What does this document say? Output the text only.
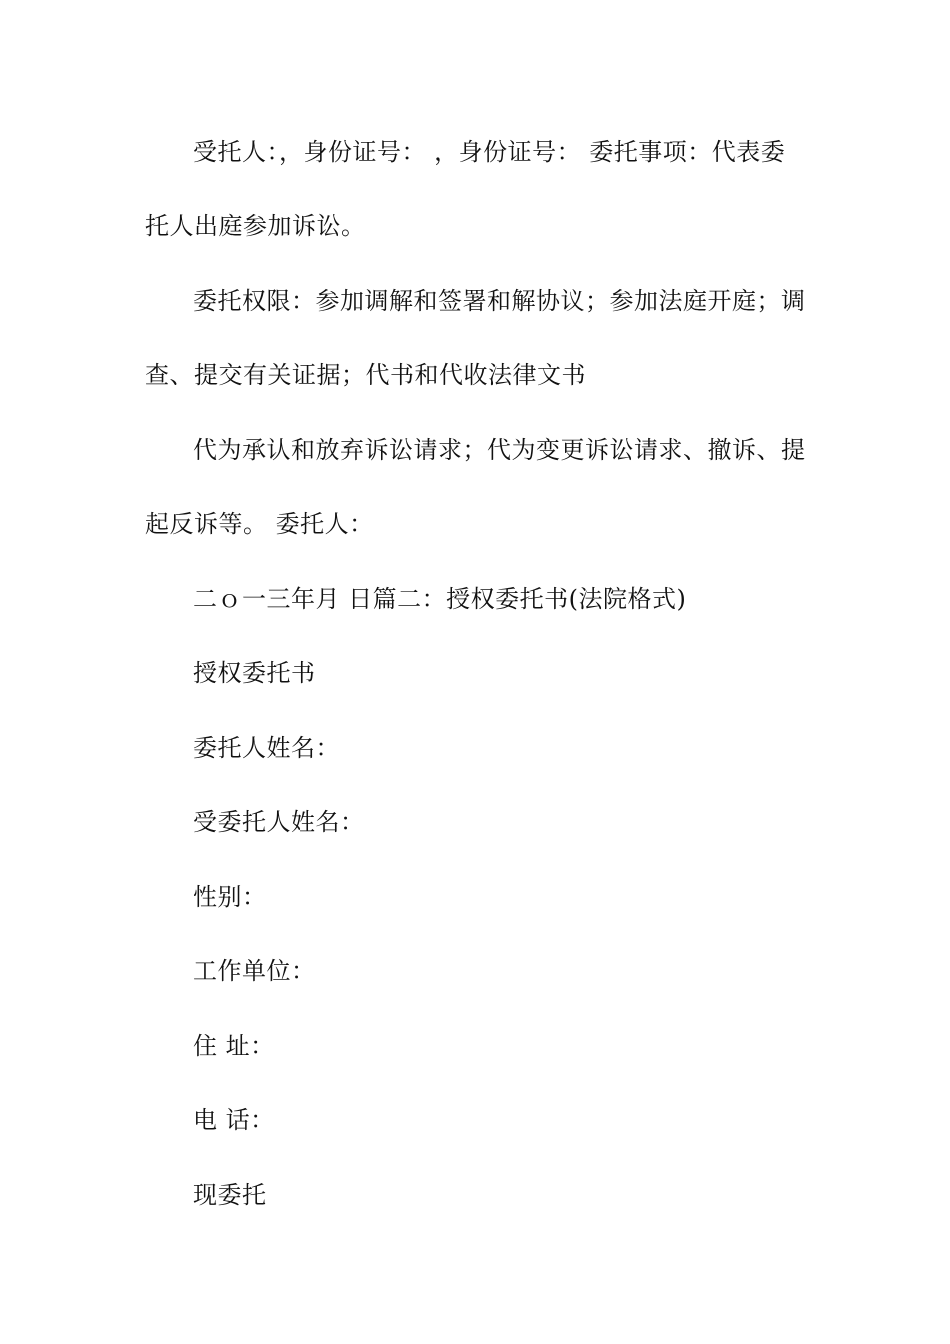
受托人：，身份证号： ，身份证号： 委托事项：代表委
托人出庭参加诉讼。
委托权限：参加调解和签署和解协议；参加法庭开庭；调
查、提交有关证据；代书和代收法律文书
代为承认和放弃诉讼请求；代为变更诉讼请求、撤诉、提
起反诉等。 委托人：
二ｏ一三年月 日篇二：授权委托书(法院格式)
授权委托书
委托人姓名：
受委托人姓名：
性别：
工作单位：
住 址：
电 话：
现委托
